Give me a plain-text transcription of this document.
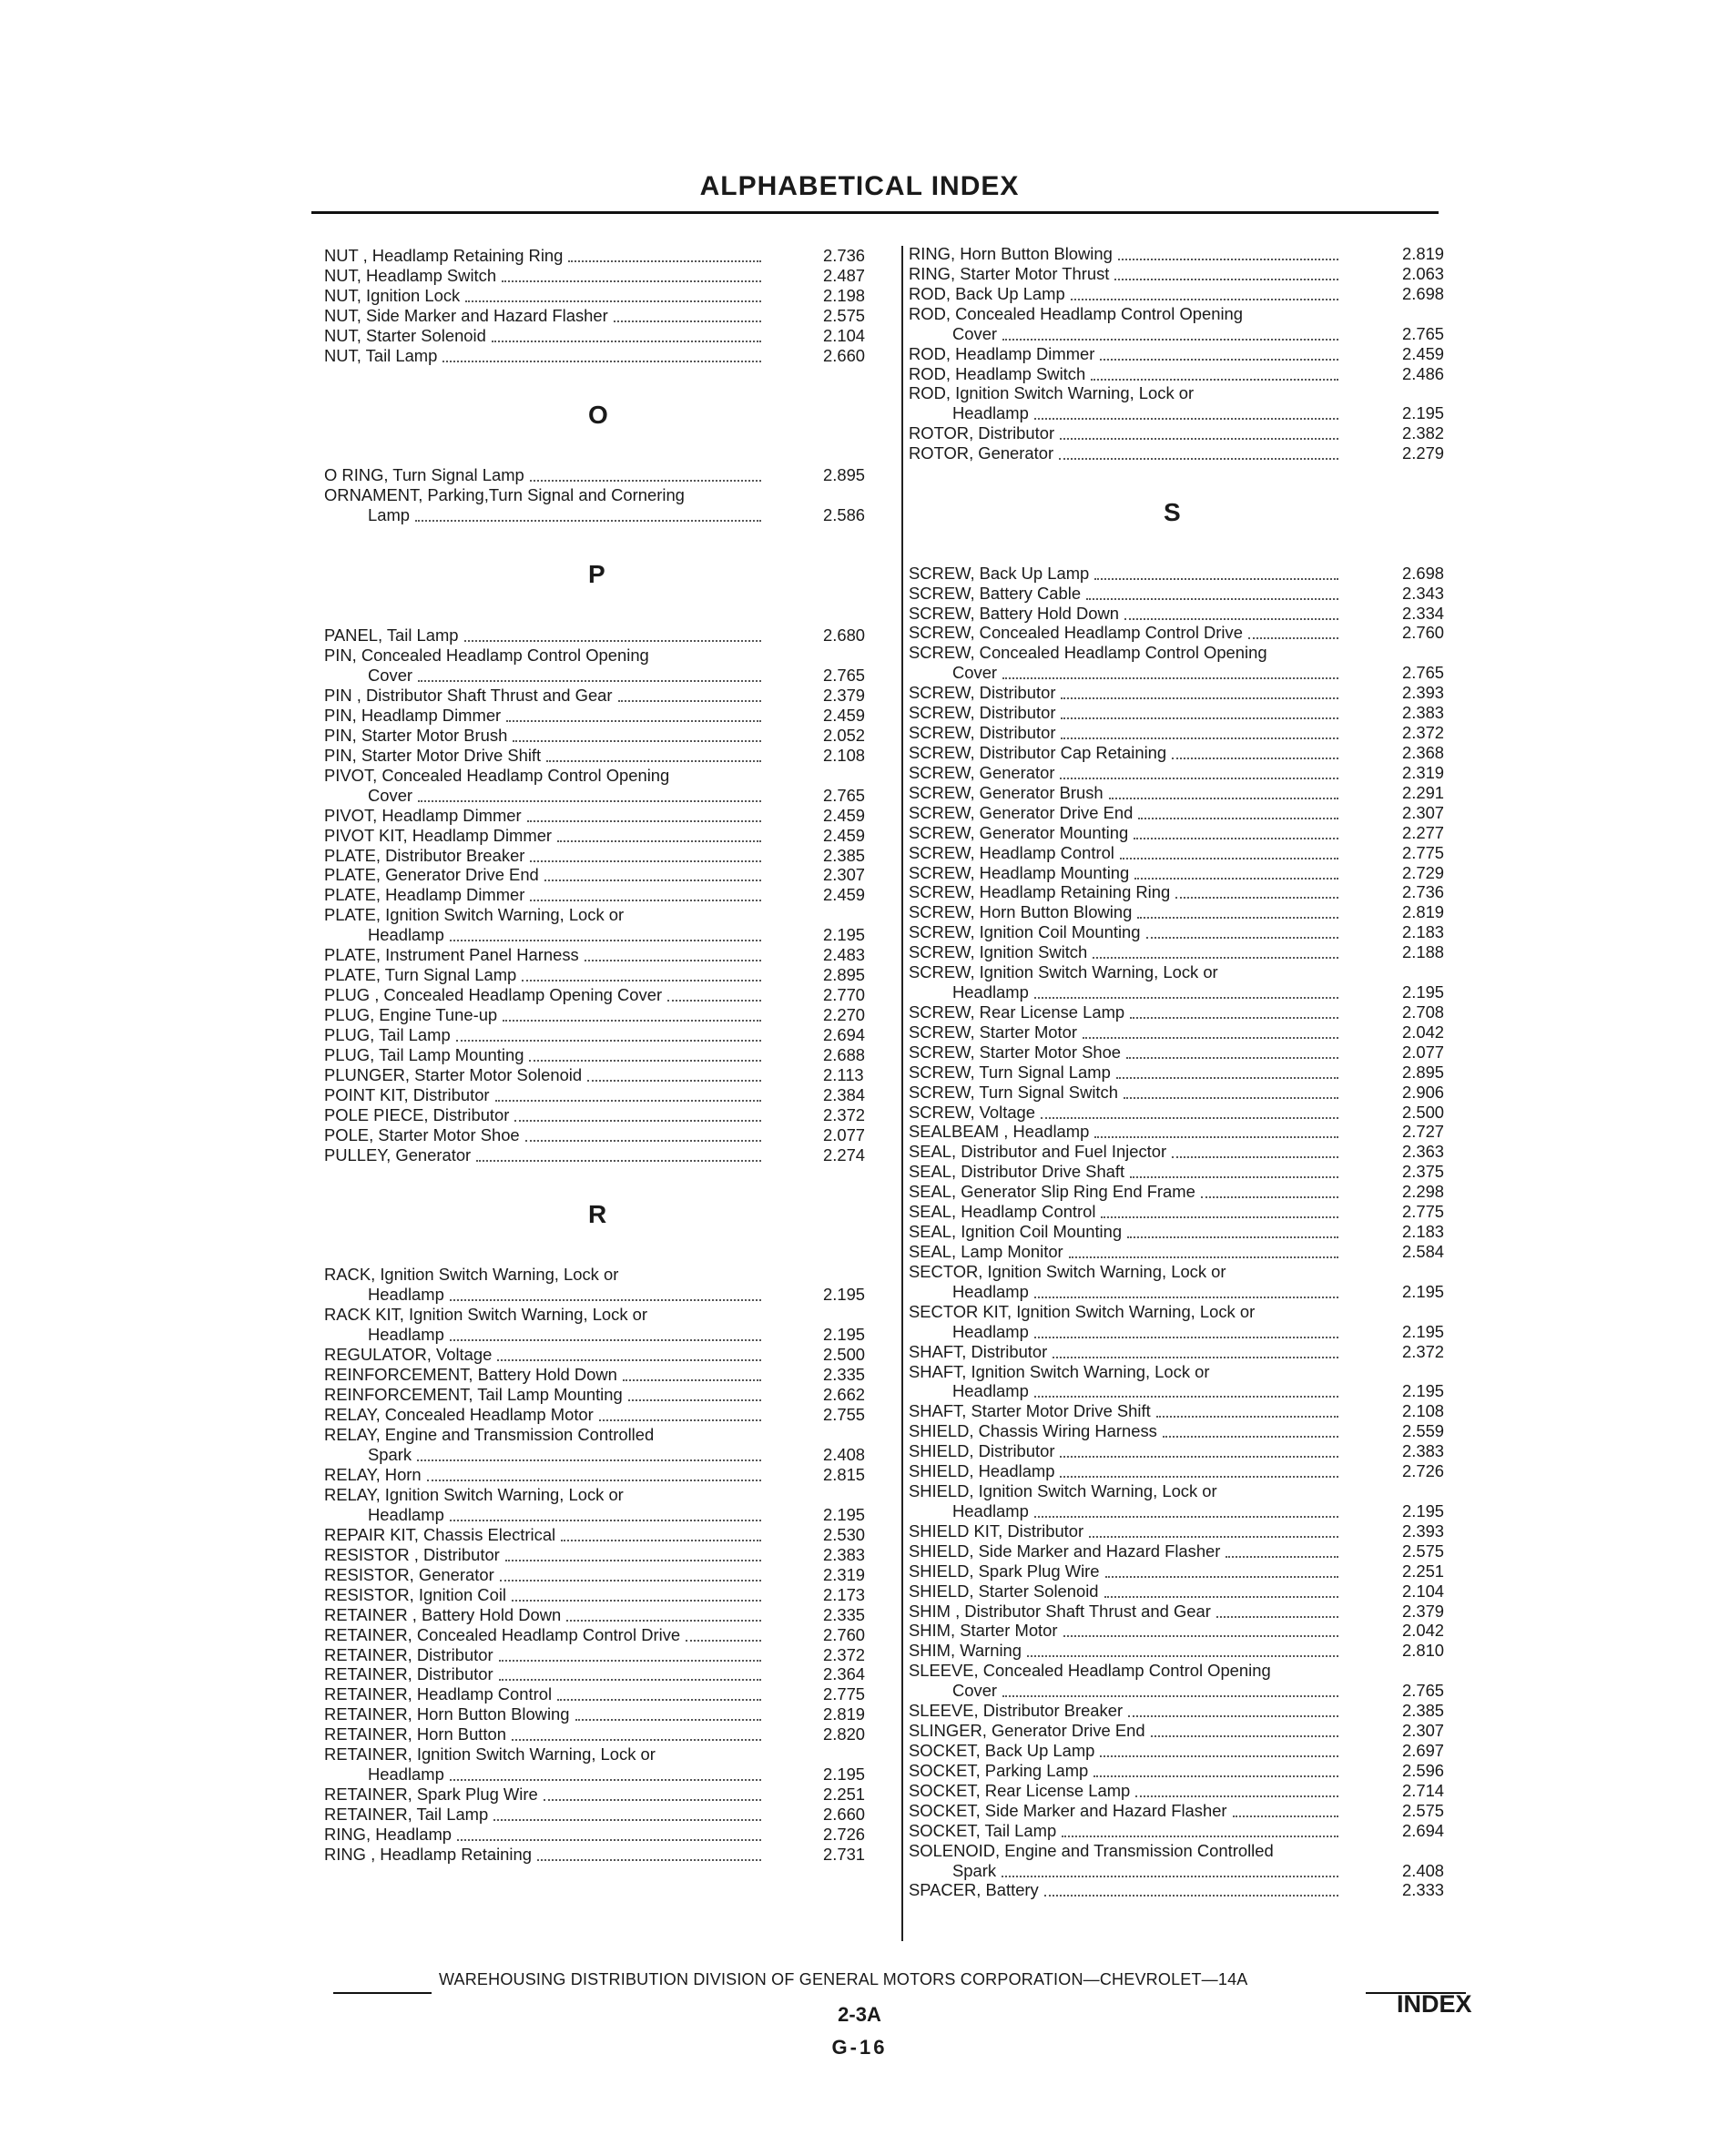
ALPHABETICAL INDEX
NUT , Headlamp Retaining Ring	2.736
NUT, Headlamp Switch	2.487
NUT, Ignition Lock	2.198
NUT, Side Marker and Hazard Flasher	2.575
NUT, Starter Solenoid	2.104
NUT, Tail Lamp	2.660
O
O RING, Turn Signal Lamp	2.895
ORNAMENT, Parking,Turn Signal and Cornering
Lamp	2.586
P
PANEL, Tail Lamp	2.680
PIN, Concealed Headlamp Control Opening
Cover	2.765
PIN , Distributor Shaft Thrust and Gear	2.379
PIN, Headlamp Dimmer	2.459
PIN, Starter Motor Brush	2.052
PIN, Starter Motor Drive Shift	2.108
PIVOT, Concealed Headlamp Control Opening
Cover	2.765
PIVOT, Headlamp Dimmer	2.459
PIVOT KIT, Headlamp Dimmer	2.459
PLATE, Distributor Breaker	2.385
PLATE, Generator Drive End	2.307
PLATE, Headlamp Dimmer	2.459
PLATE, Ignition Switch Warning, Lock or
Headlamp	2.195
PLATE, Instrument Panel Harness	2.483
PLATE, Turn Signal Lamp	2.895
PLUG , Concealed Headlamp Opening Cover	2.770
PLUG, Engine Tune-up	2.270
PLUG, Tail Lamp	2.694
PLUG, Tail Lamp Mounting	2.688
PLUNGER, Starter Motor Solenoid	2.113
POINT KIT, Distributor	2.384
POLE PIECE, Distributor	2.372
POLE, Starter Motor Shoe	2.077
PULLEY, Generator	2.274
R
RACK, Ignition Switch Warning, Lock or
Headlamp	2.195
RACK KIT, Ignition Switch Warning, Lock or
Headlamp	2.195
REGULATOR, Voltage	2.500
REINFORCEMENT, Battery Hold Down	2.335
REINFORCEMENT, Tail Lamp Mounting	2.662
RELAY, Concealed Headlamp Motor	2.755
RELAY, Engine and Transmission Controlled
Spark	2.408
RELAY, Horn	2.815
RELAY, Ignition Switch Warning, Lock or
Headlamp	2.195
REPAIR KIT, Chassis Electrical	2.530
RESISTOR , Distributor	2.383
RESISTOR, Generator	2.319
RESISTOR, Ignition Coil	2.173
RETAINER , Battery Hold Down	2.335
RETAINER, Concealed Headlamp Control Drive	2.760
RETAINER, Distributor	2.372
RETAINER, Distributor	2.364
RETAINER, Headlamp Control	2.775
RETAINER, Horn Button Blowing	2.819
RETAINER, Horn Button	2.820
RETAINER, Ignition Switch Warning, Lock or
Headlamp	2.195
RETAINER, Spark Plug Wire	2.251
RETAINER, Tail Lamp	2.660
RING, Headlamp	2.726
RING , Headlamp Retaining	2.731
RING, Horn Button Blowing	2.819
RING, Starter Motor Thrust	2.063
ROD, Back Up Lamp	2.698
ROD, Concealed Headlamp Control Opening
Cover	2.765
ROD, Headlamp Dimmer	2.459
ROD, Headlamp Switch	2.486
ROD, Ignition Switch Warning, Lock or
Headlamp	2.195
ROTOR, Distributor	2.382
ROTOR, Generator	2.279
S
SCREW, Back Up Lamp	2.698
SCREW, Battery Cable	2.343
SCREW, Battery Hold Down	2.334
SCREW, Concealed Headlamp Control Drive	2.760
SCREW, Concealed Headlamp Control Opening
Cover	2.765
SCREW, Distributor	2.393
SCREW, Distributor	2.383
SCREW, Distributor	2.372
SCREW, Distributor Cap Retaining	2.368
SCREW, Generator	2.319
SCREW, Generator Brush	2.291
SCREW, Generator Drive End	2.307
SCREW, Generator Mounting	2.277
SCREW, Headlamp Control	2.775
SCREW, Headlamp Mounting	2.729
SCREW, Headlamp Retaining Ring	2.736
SCREW, Horn Button Blowing	2.819
SCREW, Ignition Coil Mounting	2.183
SCREW, Ignition Switch	2.188
SCREW, Ignition Switch Warning, Lock or
Headlamp	2.195
SCREW, Rear License Lamp	2.708
SCREW, Starter Motor	2.042
SCREW, Starter Motor Shoe	2.077
SCREW, Turn Signal Lamp	2.895
SCREW, Turn Signal Switch	2.906
SCREW, Voltage	2.500
SEALBEAM , Headlamp	2.727
SEAL, Distributor and Fuel Injector	2.363
SEAL, Distributor Drive Shaft	2.375
SEAL, Generator Slip Ring End Frame	2.298
SEAL, Headlamp Control	2.775
SEAL, Ignition Coil Mounting	2.183
SEAL, Lamp Monitor	2.584
SECTOR, Ignition Switch Warning, Lock or
Headlamp	2.195
SECTOR KIT, Ignition Switch Warning, Lock or
Headlamp	2.195
SHAFT, Distributor	2.372
SHAFT, Ignition Switch Warning, Lock or
Headlamp	2.195
SHAFT, Starter Motor Drive Shift	2.108
SHIELD, Chassis Wiring Harness	2.559
SHIELD, Distributor	2.383
SHIELD, Headlamp	2.726
SHIELD, Ignition Switch Warning, Lock or
Headlamp	2.195
SHIELD KIT, Distributor	2.393
SHIELD, Side Marker and Hazard Flasher	2.575
SHIELD, Spark Plug Wire	2.251
SHIELD, Starter Solenoid	2.104
SHIM , Distributor Shaft Thrust and Gear	2.379
SHIM, Starter Motor	2.042
SHIM, Warning	2.810
SLEEVE, Concealed Headlamp Control Opening
Cover	2.765
SLEEVE, Distributor Breaker	2.385
SLINGER, Generator Drive End	2.307
SOCKET, Back Up Lamp	2.697
SOCKET, Parking Lamp	2.596
SOCKET, Rear License Lamp	2.714
SOCKET, Side Marker and Hazard Flasher	2.575
SOCKET, Tail Lamp	2.694
SOLENOID, Engine and Transmission Controlled
Spark	2.408
SPACER, Battery	2.333
WAREHOUSING DISTRIBUTION DIVISION OF GENERAL MOTORS CORPORATION—CHEVROLET—14A
INDEX
2-3A
G-16
